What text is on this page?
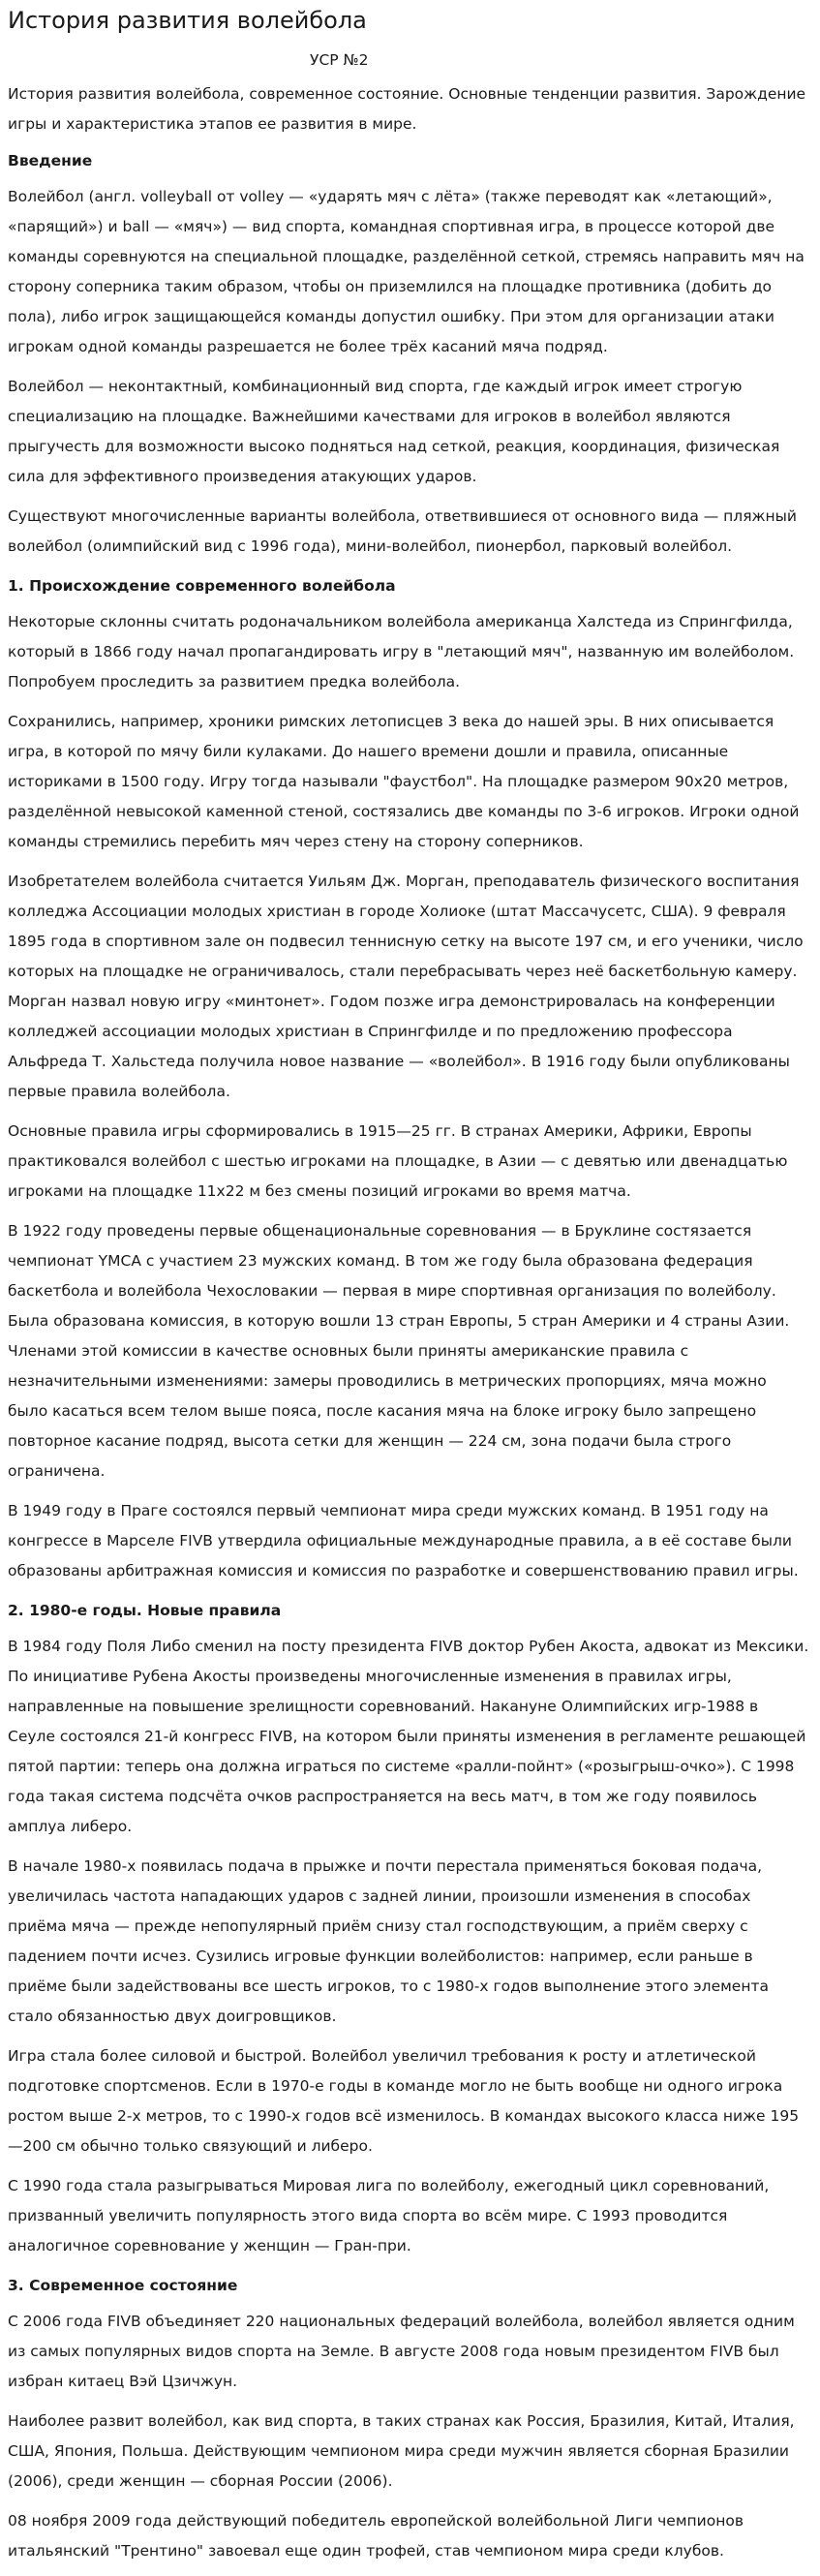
История развития волейбола
УСР №2

История развития волейбола, современное состояние. Основные тенденции развития. Зарождение игры и характеристика этапов ее развития в мире.

Введение

Волейбол (англ. volleyball от volley — «ударять мяч с лёта» (также переводят как «летающий», «парящий») и ball — «мяч») — вид спорта, командная спортивная игра, в процессе которой две команды соревнуются на специальной площадке, разделённой сеткой, стремясь направить мяч на сторону соперника таким образом, чтобы он приземлился на площадке противника (добить до пола), либо игрок защищающейся команды допустил ошибку. При этом для организации атаки игрокам одной команды разрешается не более трёх касаний мяча подряд.

Волейбол — неконтактный, комбинационный вид спорта, где каждый игрок имеет строгую специализацию на площадке. Важнейшими качествами для игроков в волейбол являются прыгучесть для возможности высоко подняться над сеткой, реакция, координация, физическая сила для эффективного произведения атакующих ударов.

Существуют многочисленные варианты волейбола, ответвившиеся от основного вида — пляжный волейбол (олимпийский вид с 1996 года), мини-волейбол, пионербол, парковый волейбол.

1. Происхождение современного волейбола

Некоторые склонны считать родоначальником волейбола американца Халстеда из Спрингфилда, который в 1866 году начал пропагандировать игру в "летающий мяч", названную им волейболом. Попробуем проследить за развитием предка волейбола.

Сохранились, например, хроники римских летописцев 3 века до нашей эры. В них описывается игра, в которой по мячу били кулаками. До нашего времени дошли и правила, описанные историками в 1500 году. Игру тогда называли "фаустбол". На площадке размером 90х20 метров, разделённой невысокой каменной стеной, состязались две команды по 3-6 игроков. Игроки одной команды стремились перебить мяч через стену на сторону соперников.

Изобретателем волейбола считается Уильям Дж. Морган, преподаватель физического воспитания колледжа Ассоциации молодых христиан в городе Холиоке (штат Массачусетс, США). 9 февраля 1895 года в спортивном зале он подвесил теннисную сетку на высоте 197 см, и его ученики, число которых на площадке не ограничивалось, стали перебрасывать через неё баскетбольную камеру. Морган назвал новую игру «минтонет». Годом позже игра демонстрировалась на конференции колледжей ассоциации молодых христиан в Спрингфилде и по предложению профессора Альфреда Т. Хальстеда получила новое название — «волейбол». В 1916 году были опубликованы первые правила волейбола.

Основные правила игры сформировались в 1915—25 гг. В странах Америки, Африки, Европы практиковался волейбол с шестью игроками на площадке, в Азии — с девятью или двенадцатью игроками на площадке 11х22 м без смены позиций игроками во время матча.

В 1922 году проведены первые общенациональные соревнования — в Бруклине состязается чемпионат YMCA с участием 23 мужских команд. В том же году была образована федерация баскетбола и волейбола Чехословакии — первая в мире спортивная организация по волейболу. Была образована комиссия, в которую вошли 13 стран Европы, 5 стран Америки и 4 страны Азии. Членами этой комиссии в качестве основных были приняты американские правила с незначительными изменениями: замеры проводились в метрических пропорциях, мяча можно было касаться всем телом выше пояса, после касания мяча на блоке игроку было запрещено повторное касание подряд, высота сетки для женщин — 224 см, зона подачи была строго ограничена.

В 1949 году в Праге состоялся первый чемпионат мира среди мужских команд. В 1951 году на конгрессе в Марселе FIVB утвердила официальные международные правила, а в её составе были образованы арбитражная комиссия и комиссия по разработке и совершенствованию правил игры.

2. 1980-е годы. Новые правила

В 1984 году Поля Либо сменил на посту президента FIVB доктор Рубен Акоста, адвокат из Мексики. По инициативе Рубена Акосты произведены многочисленные изменения в правилах игры, направленные на повышение зрелищности соревнований. Накануне Олимпийских игр-1988 в Сеуле состоялся 21-й конгресс FIVB, на котором были приняты изменения в регламенте решающей пятой партии: теперь она должна играться по системе «ралли-пойнт» («розыгрыш-очко»). С 1998 года такая система подсчёта очков распространяется на весь матч, в том же году появилось амплуа либеро.

В начале 1980-х появилась подача в прыжке и почти перестала применяться боковая подача, увеличилась частота нападающих ударов с задней линии, произошли изменения в способах приёма мяча — прежде непопулярный приём снизу стал господствующим, а приём сверху с падением почти исчез. Сузились игровые функции волейболистов: например, если раньше в приёме были задействованы все шесть игроков, то с 1980-х годов выполнение этого элемента стало обязанностью двух доигровщиков.

Игра стала более силовой и быстрой. Волейбол увеличил требования к росту и атлетической подготовке спортсменов. Если в 1970-е годы в команде могло не быть вообще ни одного игрока ростом выше 2-х метров, то с 1990-х годов всё изменилось. В командах высокого класса ниже 195—200 см обычно только связующий и либеро.

С 1990 года стала разыгрываться Мировая лига по волейболу, ежегодный цикл соревнований, призванный увеличить популярность этого вида спорта во всём мире. С 1993 проводится аналогичное соревнование у женщин — Гран-при.

3. Современное состояние

С 2006 года FIVB объединяет 220 национальных федераций волейбола, волейбол является одним из самых популярных видов спорта на Земле. В августе 2008 года новым президентом FIVB был избран китаец Вэй Цзичжун.

Наиболее развит волейбол, как вид спорта, в таких странах как Россия, Бразилия, Китай, Италия, США, Япония, Польша. Действующим чемпионом мира среди мужчин является сборная Бразилии (2006), среди женщин — сборная России (2006).

08 ноября 2009 года действующий победитель европейской волейбольной Лиги чемпионов итальянский "Трентино" завоевал еще один трофей, став чемпионом мира среди клубов.
